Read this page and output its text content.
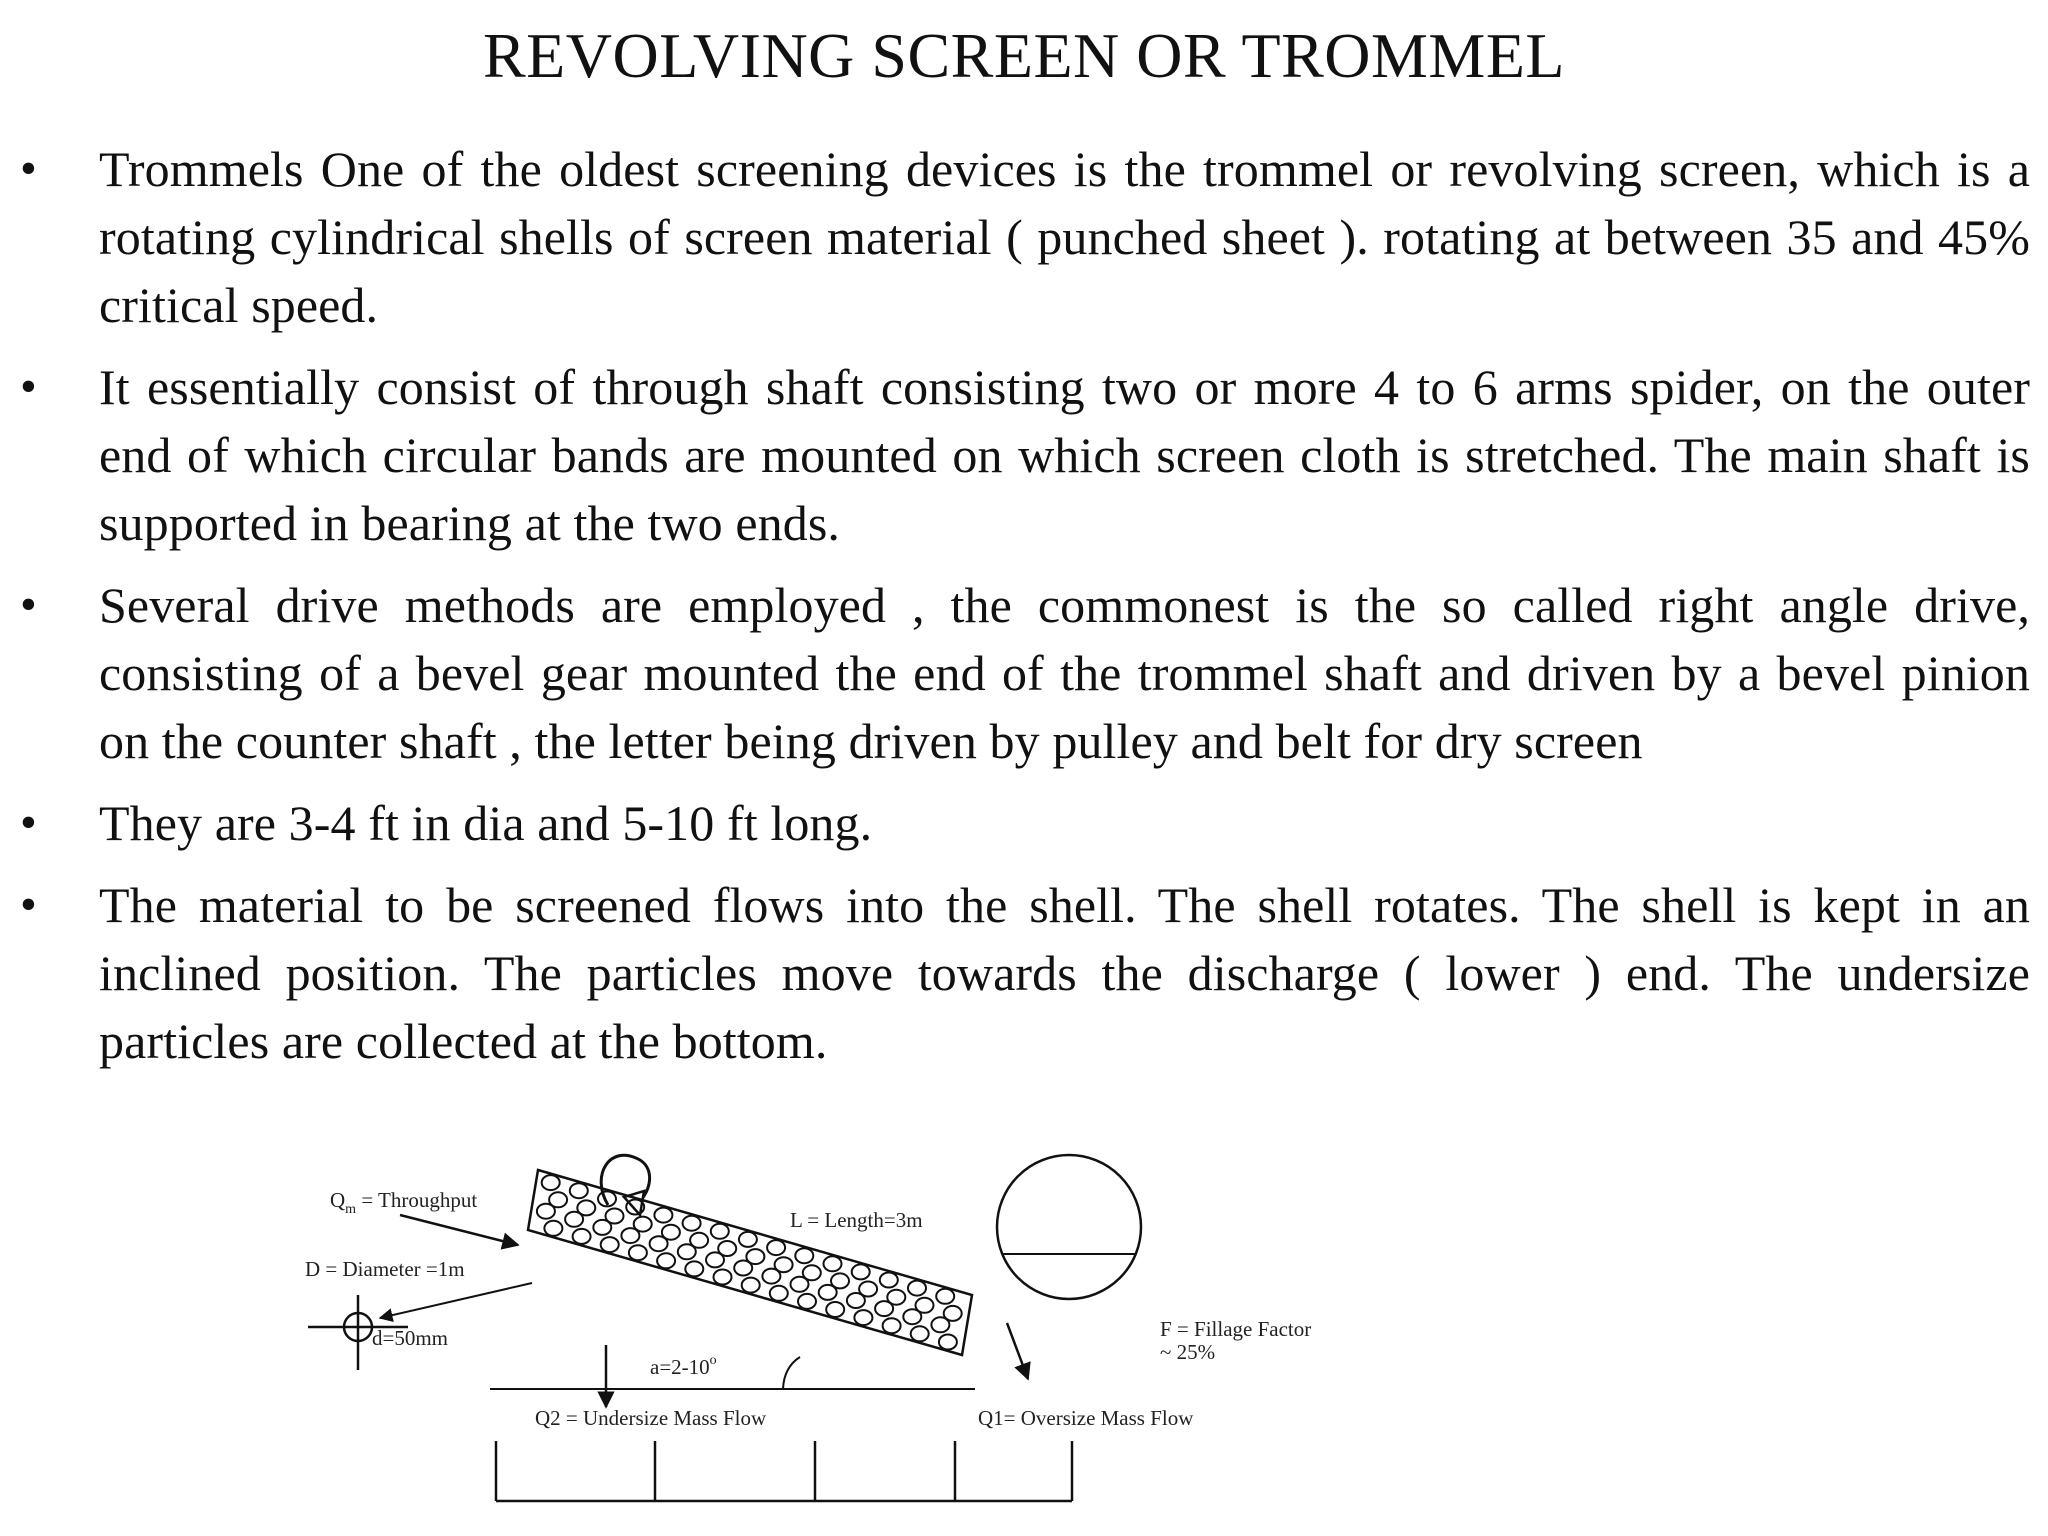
REVOLVING SCREEN OR TROMMEL
•	Trommels One of the oldest screening devices is the trommel or revolving screen, which is a rotating cylindrical shells of screen material ( punched sheet ). rotating at between 35 and 45% critical speed.
•	It essentially consist of through shaft consisting two or more 4 to 6 arms spider, on the outer end of which circular bands are mounted on which screen cloth is stretched. The main shaft is supported in bearing at the two ends.
•	Several drive methods are employed , the commonest is the so called right angle drive, consisting of a bevel gear mounted the end of the trommel shaft and driven by a bevel pinion on the counter shaft , the letter being driven by pulley and belt for dry screen
•	They are 3-4 ft in dia and 5-10 ft long.
•	The material to be screened flows into the shell. The shell rotates. The shell is kept in an inclined position. The particles move towards the discharge ( lower ) end. The undersize particles are collected at the bottom.
$Q_m$ = Throughput
D = Diameter =1m
d=50mm
L = Length=3m
$a=2-10^o$
F = Fillage Factor
~ 25%
Q2 = Undersize Mass Flow	Q1= Oversize Mass Flow
